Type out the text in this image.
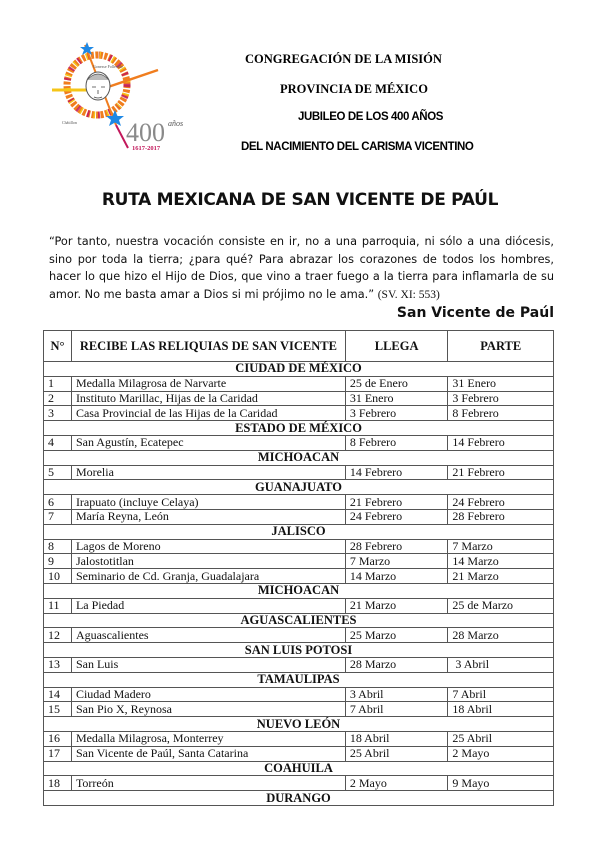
Gonesse Folleville
Châtillon 400 años
1617-2017
CONGREGACIÓN DE LA MISIÓN
PROVINCIA DE MÉXICO
JUBILEO DE LOS 400 AÑOS
DEL NACIMIENTO DEL CARISMA VICENTINO
RUTA MEXICANA DE SAN VICENTE DE PAÚL
“Por tanto, nuestra vocación consiste en ir, no a una parroquia, ni sólo a una diócesis, sino por toda la tierra; ¿para qué? Para abrazar los corazones de todos los hombres, hacer lo que hizo el Hijo de Dios, que vino a traer fuego a la tierra para inflamarla de su amor. No me basta amar a Dios si mi prójimo no le ama.” (SV. XI: 553)
San Vicente de Paúl
N°	RECIBE LAS RELIQUIAS DE SAN VICENTE	LLEGA	PARTE
CIUDAD DE MÉXICO			
1	Medalla Milagrosa de Narvarte	25 de Enero	31 Enero
2	Instituto Marillac, Hijas de la Caridad	31 Enero	3 Febrero
3	Casa Provincial de las Hijas de la Caridad	3 Febrero	8 Febrero
ESTADO DE MÉXICO			
4	San Agustín, Ecatepec	8 Febrero	14 Febrero
MICHOACAN			
5	Morelia	14 Febrero	21 Febrero
GUANAJUATO			
6	Irapuato (incluye Celaya)	21 Febrero	24 Febrero
7	María Reyna, León	24 Febrero	28 Febrero
JALISCO			
8	Lagos de Moreno	28 Febrero	7 Marzo
9	Jalostotitlan	7 Marzo	14 Marzo
10	Seminario de Cd. Granja, Guadalajara	14 Marzo	21 Marzo
MICHOACAN			
11	La Piedad	21 Marzo	25 de Marzo
AGUASCALIENTES			
12	Aguascalientes	25 Marzo	28 Marzo
SAN LUIS POTOSI			
13	San Luis	28 Marzo	3 Abril
TAMAULIPAS			
14	Ciudad Madero	3 Abril	7 Abril
15	San Pio X, Reynosa	7 Abril	18 Abril
NUEVO LEÓN			
16	Medalla Milagrosa, Monterrey	18 Abril	25 Abril
17	San Vicente de Paúl, Santa Catarina	25 Abril	2 Mayo
COAHUILA			
18	Torreón	2 Mayo	9 Mayo
DURANGO			
